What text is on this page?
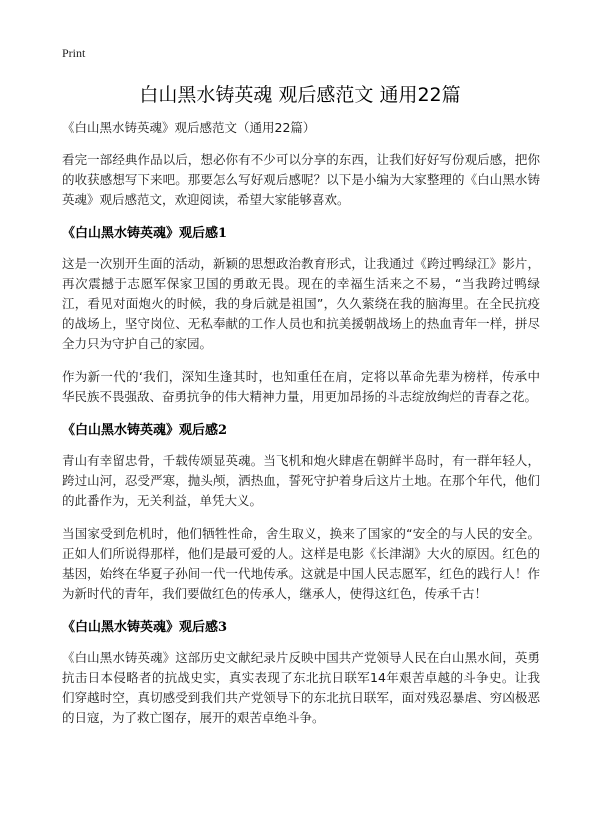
Print
白山黑水铸英魂 观后感范文 通用22篇

《白山黑水铸英魂》观后感范文（通用22篇）

看完一部经典作品以后，想必你有不少可以分享的东西，让我们好好写份观后感，把你的收获感想写下来吧。那要怎么写好观后感呢？以下是小编为大家整理的《白山黑水铸英魂》观后感范文，欢迎阅读，希望大家能够喜欢。

《白山黑水铸英魂》观后感1

这是一次别开生面的活动，新颖的思想政治教育形式，让我通过《跨过鸭绿江》影片，再次震撼于志愿军保家卫国的勇敢无畏。现在的幸福生活来之不易，“当我跨过鸭绿江，看见对面炮火的时候，我的身后就是祖国”，久久萦绕在我的脑海里。在全民抗疫的战场上，坚守岗位、无私奉献的工作人员也和抗美援朝战场上的热血青年一样，拼尽全力只为守护自己的家园。

作为新一代的‘我们，深知生逢其时，也知重任在肩，定将以革命先辈为榜样，传承中华民族不畏强敌、奋勇抗争的伟大精神力量，用更加昂扬的斗志绽放绚烂的青春之花。

《白山黑水铸英魂》观后感2

青山有幸留忠骨，千载传颂显英魂。当飞机和炮火肆虐在朝鲜半岛时，有一群年轻人，跨过山河，忍受严寒，抛头颅，洒热血，誓死守护着身后这片土地。在那个年代，他们的此番作为，无关利益，单凭大义。

当国家受到危机时，他们牺牲性命，舍生取义，换来了国家的“安全的与人民的安全。正如人们所说得那样，他们是最可爱的人。这样是电影《长津湖》大火的原因。红色的基因，始终在华夏子孙间一代一代地传承。这就是中国人民志愿军，红色的践行人！作为新时代的青年，我们要做红色的传承人，继承人，使得这红色，传承千古！

《白山黑水铸英魂》观后感3

《白山黑水铸英魂》这部历史文献纪录片反映中国共产党领导人民在白山黑水间，英勇抗击日本侵略者的抗战史实，真实表现了东北抗日联军14年艰苦卓越的斗争史。让我们穿越时空，真切感受到我们共产党领导下的东北抗日联军，面对残忍暴虐、穷凶极恶的日寇，为了救亡图存，展开的艰苦卓绝斗争。
